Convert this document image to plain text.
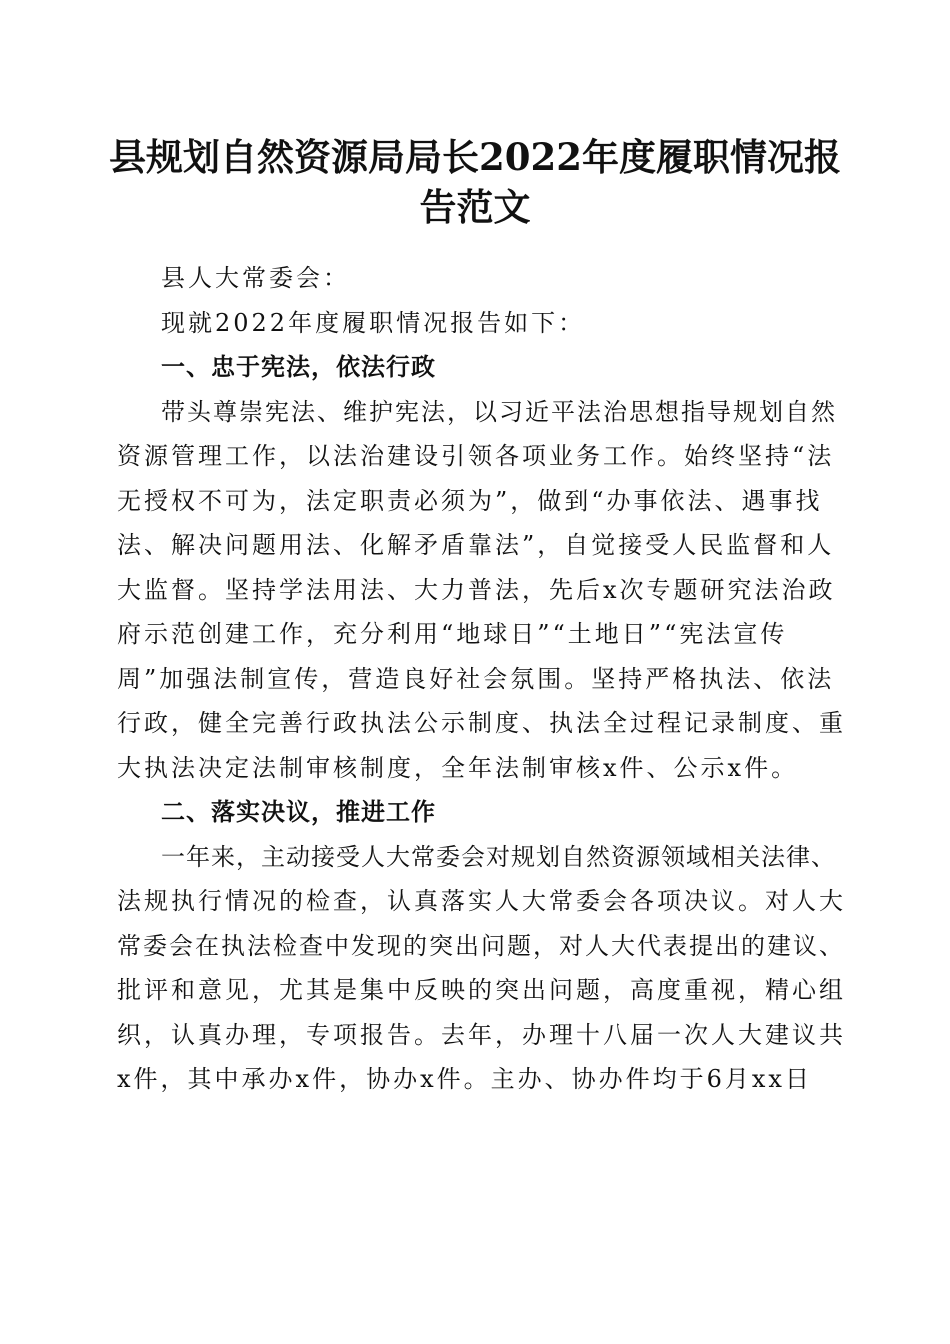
县规划自然资源局局长2022年度履职情况报
告范文
县人大常委会：
现就2022年度履职情况报告如下：
一、忠于宪法，依法行政
带头尊崇宪法、维护宪法，以习近平法治思想指导规划自然
资源管理工作，以法治建设引领各项业务工作。始终坚持“法
无授权不可为，法定职责必须为”，做到“办事依法、遇事找
法、解决问题用法、化解矛盾靠法”，自觉接受人民监督和人
大监督。坚持学法用法、大力普法，先后x次专题研究法治政
府示范创建工作，充分利用“地球日”“土地日”“宪法宣传
周”加强法制宣传，营造良好社会氛围。坚持严格执法、依法
行政，健全完善行政执法公示制度、执法全过程记录制度、重
大执法决定法制审核制度，全年法制审核x件、公示x件。
二、落实决议，推进工作
一年来，主动接受人大常委会对规划自然资源领域相关法律、
法规执行情况的检查，认真落实人大常委会各项决议。对人大
常委会在执法检查中发现的突出问题，对人大代表提出的建议、
批评和意见，尤其是集中反映的突出问题，高度重视，精心组
织，认真办理，专项报告。去年，办理十八届一次人大建议共
x件，其中承办x件，协办x件。主办、协办件均于6月xx日
